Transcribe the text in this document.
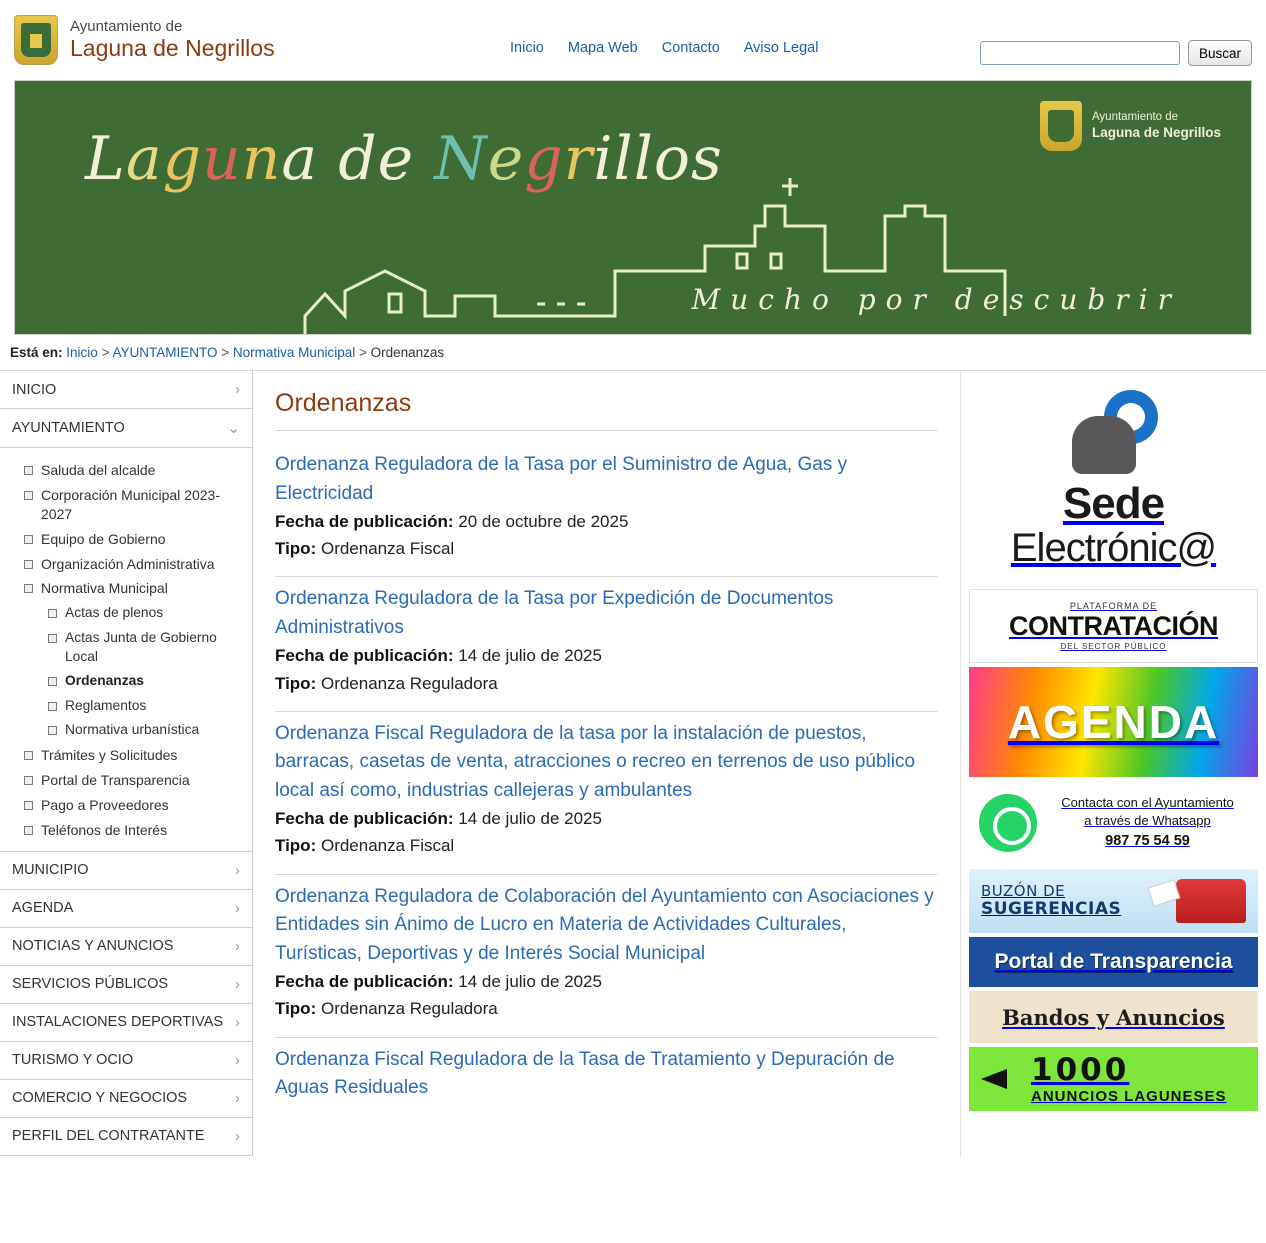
Ayuntamiento de
Laguna de Negrillos	Inicio Mapa Web Contacto Aviso Legal	Buscar
Laguna de Negrillos
Mucho por descubrir
Ayuntamiento de
Laguna de Negrillos
Está en: Inicio > AYUNTAMIENTO > Normativa Municipal > Ordenanzas
INICIO	›
AYUNTAMIENTO	⌄
Saluda del alcalde
Corporación Municipal 2023-2027
Equipo de Gobierno
Organización Administrativa
Normativa Municipal
Actas de plenos
Actas Junta de Gobierno Local
Ordenanzas
Reglamentos
Normativa urbanística
Trámites y Solicitudes
Portal de Transparencia
Pago a Proveedores
Teléfonos de Interés
MUNICIPIO	›
AGENDA	›
NOTICIAS Y ANUNCIOS	›
SERVICIOS PÚBLICOS	›
INSTALACIONES DEPORTIVAS ›
TURISMO Y OCIO	›
COMERCIO Y NEGOCIOS	›
PERFIL DEL CONTRATANTE ›
Ordenanzas
Ordenanza Reguladora de la Tasa por el Suministro de Agua, Gas y Electricidad
Fecha de publicación: 20 de octubre de 2025
Tipo: Ordenanza Fiscal
Ordenanza Reguladora de la Tasa por Expedición de Documentos Administrativos
Fecha de publicación: 14 de julio de 2025
Tipo: Ordenanza Reguladora
Ordenanza Fiscal Reguladora de la tasa por la instalación de puestos, barracas, casetas de venta, atracciones o recreo en terrenos de uso público local así como, industrias callejeras y ambulantes
Fecha de publicación: 14 de julio de 2025
Tipo: Ordenanza Fiscal
Ordenanza Reguladora de Colaboración del Ayuntamiento con Asociaciones y Entidades sin Ánimo de Lucro en Materia de Actividades Culturales, Turísticas, Deportivas y de Interés Social Municipal
Fecha de publicación: 14 de julio de 2025
Tipo: Ordenanza Reguladora
Ordenanza Fiscal Reguladora de la Tasa de Tratamiento y Depuración de Aguas Residuales
Sede
Electrónic@
PLATAFORMA DE
CONTRATACIÓN
DEL SECTOR PÚBLICO
AGENDA
Contacta con el Ayuntamiento
a través de Whatsapp
987 75 54 59
BUZÓN DE
SUGERENCIAS
Portal de Transparencia
Bandos y Anuncios
1000
ANUNCIOS LAGUNESES
